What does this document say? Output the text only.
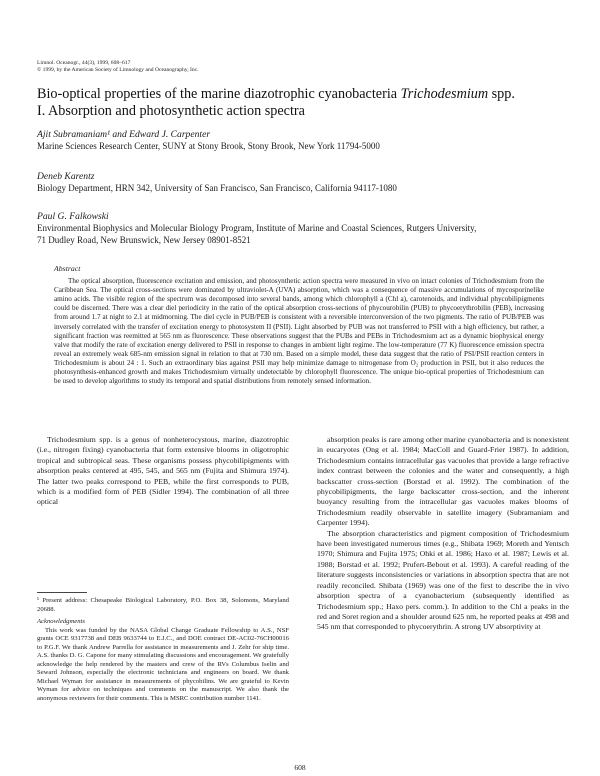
Limnol. Oceanogr., 44(3), 1999, 608–617
© 1999, by the American Society of Limnology and Oceanography, Inc.
Bio-optical properties of the marine diazotrophic cyanobacteria Trichodesmium spp.
I. Absorption and photosynthetic action spectra
Ajit Subramaniam¹ and Edward J. Carpenter
Marine Sciences Research Center, SUNY at Stony Brook, Stony Brook, New York 11794-5000
Deneb Karentz
Biology Department, HRN 342, University of San Francisco, San Francisco, California 94117-1080
Paul G. Falkowski
Environmental Biophysics and Molecular Biology Program, Institute of Marine and Coastal Sciences, Rutgers University,
71 Dudley Road, New Brunswick, New Jersey 08901-8521
Abstract
The optical absorption, fluorescence excitation and emission, and photosynthetic action spectra were measured in vivo on intact colonies of Trichodesmium from the Caribbean Sea. The optical cross-sections were dominated by ultraviolet-A (UVA) absorption, which was a consequence of massive accumulations of mycosporinelike amino acids. The visible region of the spectrum was decomposed into several bands, among which chlorophyll a (Chl a), carotenoids, and individual phycobilipigments could be discerned. There was a clear diel periodicity in the ratio of the optical absorption cross-sections of phycourobilin (PUB) to phycoerythrobilin (PEB), increasing from around 1.7 at night to 2.1 at midmorning. The diel cycle in PUB/PEB is consistent with a reversible interconversion of the two pigments. The ratio of PUB/PEB was inversely correlated with the transfer of excitation energy to photosystem II (PSII). Light absorbed by PUB was not transferred to PSII with a high efficiency, but rather, a significant fraction was reemitted at 565 nm as fluorescence. These observations suggest that the PUBs and PEBs in Trichodesmium act as a dynamic biophysical energy valve that modify the rate of excitation energy delivered to PSII in response to changes in ambient light regime. The low-temperature (77 K) fluorescence emission spectra reveal an extremely weak 685-nm emission signal in relation to that at 730 nm. Based on a simple model, these data suggest that the ratio of PSI/PSII reaction centers in Trichodesmium is about 24 : 1. Such an extraordinary bias against PSII may help minimize damage to nitrogenase from O₂ production in PSII, but it also reduces the photosynthesis-enhanced growth and makes Trichodesmium virtually undetectable by chlorophyll fluorescence. The unique bio-optical properties of Trichodesmium can be used to develop algorithms to study its temporal and spatial distributions from remotely sensed information.

Trichodesmium spp. is a genus of nonheterocystous, marine, diazotrophic (i.e., nitrogen fixing) cyanobacteria that form extensive blooms in oligotrophic tropical and subtropical seas. These organisms possess phycobilipigments with absorption peaks centered at 495, 545, and 565 nm (Fujita and Shimura 1974). The latter two peaks correspond to PEB, while the first corresponds to PUB, which is a modified form of PEB (Sidler 1994). The combination of all three optical

absorption peaks is rare among other marine cyanobacteria and is nonexistent in eucaryotes (Ong et al. 1984; MacColl and Guard-Frier 1987). In addition, Trichodesmium contains intracellular gas vacuoles that provide a large refractive index contrast between the colonies and the water and consequently, a high backscatter cross-section (Borstad et al. 1992). The combination of the phycobilipigments, the large backscatter cross-section, and the inherent buoyancy resulting from the intracellular gas vacuoles makes blooms of Trichodesmium readily observable in satellite imagery (Subramaniam and Carpenter 1994).

The absorption characteristics and pigment composition of Trichodesmium have been investigated numerous times (e.g., Shibata 1969; Moreth and Yentsch 1970; Shimura and Fujita 1975; Ohki et al. 1986; Haxo et al. 1987; Lewis et al. 1988; Borstad et al. 1992; Prufert-Bebout et al. 1993). A careful reading of the literature suggests inconsistencies or variations in absorption spectra that are not readily reconciled. Shibata (1969) was one of the first to describe the in vivo absorption spectra of a cyanobacterium (subsequently identified as Trichodesmium spp.; Haxo pers. comm.). In addition to the Chl a peaks in the red and Soret region and a shoulder around 625 nm, he reported peaks at 498 and 545 nm that corresponded to phycoerythrin. A strong UV absorptivity at

¹ Present address: Chesapeake Biological Laboratory, P.O. Box 38, Solomons, Maryland 20688.

Acknowledgments

This work was funded by the NASA Global Change Graduate Fellowship to A.S., NSF grants OCE 9317738 and DEB 9633744 to E.J.C., and DOE contract DE-AC02-76CH00016 to P.G.F. We thank Andrew Parrella for assistance in measurements and J. Zehr for ship time. A.S. thanks D. G. Capone for many stimulating discussions and encouragement. We gratefully acknowledge the help rendered by the masters and crew of the RVs Columbus Iselin and Seward Johnson, especially the electronic technicians and engineers on board. We thank Michael Wyman for assistance in measurements of phycobilins. We are grateful to Kevin Wyman for advice on techniques and comments on the manuscript. We also thank the anonymous reviewers for their comments. This is MSRC contribution number 1141.

608
